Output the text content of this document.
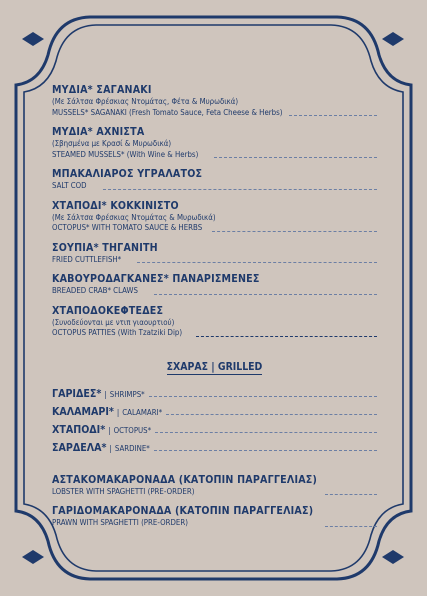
ΜΥΔΙΑ* ΣΑΓΑΝΑΚΙ
(Με Σάλτσα Φρέσκιας Ντομάτας, Φέτα & Μυρωδικά)
MUSSELS* SAGANAKI (Fresh Tomato Sauce, Feta Cheese & Herbs)
ΜΥΔΙΑ* ΑΧΝΙΣΤΑ
(Σβησμένα με Κρασί & Μυρωδικά)
STEAMED MUSSELS* (With Wine & Herbs)
ΜΠΑΚΑΛΙΑΡΟΣ ΥΓΡΑΛΑΤΟΣ
SALT COD
ΧΤΑΠΟΔΙ* ΚΟΚΚΙΝΙΣΤΟ
(Με Σάλτσα Φρέσκιας Ντομάτας & Μυρωδικά)
OCTOPUS* WITH TOMATO SAUCE & HERBS
ΣΟΥΠΙΑ* ΤΗΓΑΝΙΤΗ
FRIED CUTTLEFISH*
ΚΑΒΟΥΡΟΔΑΓΚΑΝΕΣ* ΠΑΝΑΡΙΣΜΕΝΕΣ
BREADED CRAB* CLAWS
ΧΤΑΠΟΔΟΚΕΦΤΕΔΕΣ
(Συνοδεύονται με ντιπ γιαουρτιού)
OCTOPUS PATTIES (With Tzatziki Dip)
ΣΧΑΡΑΣ | GRILLED
ΓΑΡΙΔΕΣ* | SHRIMPS*
ΚΑΛΑΜΑΡΙ* | CALAMARI*
ΧΤΑΠΟΔΙ* | OCTOPUS*
ΣΑΡΔΕΛΑ* | SARDINE*
ΑΣΤΑΚΟΜΑΚΑΡΟΝΑΔΑ (ΚΑΤΟΠΙΝ ΠΑΡΑΓΓΕΛΙΑΣ)
LOBSTER WITH SPAGHETTI (PRE-ORDER)
ΓΑΡΙΔΟΜΑΚΑΡΟΝΑΔΑ (ΚΑΤΟΠΙΝ ΠΑΡΑΓΓΕΛΙΑΣ)
PRAWN WITH SPAGHETTI (PRE-ORDER)
